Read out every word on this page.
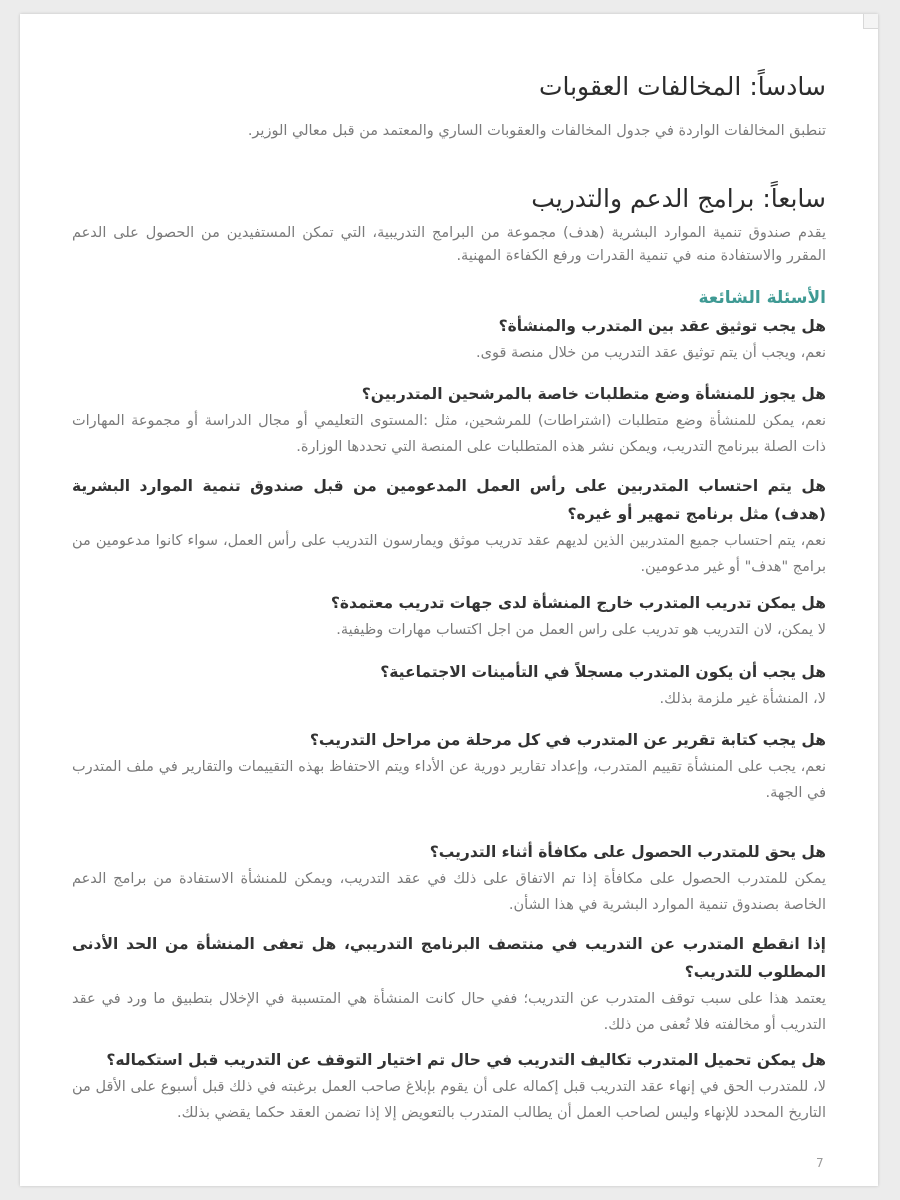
سادساً: المخالفات العقوبات

تنطبق المخالفات الواردة في جدول المخالفات والعقوبات الساري والمعتمد من قبل معالي الوزير.

سابعاً: برامج الدعم والتدريب

يقدم صندوق تنمية الموارد البشرية (هدف) مجموعة من البرامج التدريبية، التي تمكن المستفيدين من الحصول على الدعم المقرر والاستفادة منه في تنمية القدرات ورفع الكفاءة المهنية.

الأسئلة الشائعة

هل يجب توثيق عقد بين المتدرب والمنشأة؟

نعم، ويجب أن يتم توثيق عقد التدريب من خلال منصة قوى.

هل يجوز للمنشأة وضع متطلبات خاصة بالمرشحين المتدربين؟

نعم، يمكن للمنشأة وضع متطلبات (اشتراطات) للمرشحين، مثل :المستوى التعليمي أو مجال الدراسة أو مجموعة المهارات ذات الصلة ببرنامج التدريب، ويمكن نشر هذه المتطلبات على المنصة التي تحددها الوزارة.

هل يتم احتساب المتدربين على رأس العمل المدعومين من قبل صندوق تنمية الموارد البشرية (هدف) مثل برنامج تمهير أو غيره؟

نعم، يتم احتساب جميع المتدربين الذين لديهم عقد تدريب موثق ويمارسون التدريب على رأس العمل، سواء كانوا مدعومين من برامج "هدف" أو غير مدعومين.

هل يمكن تدريب المتدرب خارج المنشأة لدى جهات تدريب معتمدة؟

لا يمكن، لان التدريب هو تدريب على راس العمل من اجل اكتساب مهارات وظيفية.

هل يجب أن يكون المتدرب مسجلاً في التأمينات الاجتماعية؟

لا، المنشأة غير ملزمة بذلك.

هل يجب كتابة تقرير عن المتدرب في كل مرحلة من مراحل التدريب؟

نعم، يجب على المنشأة تقييم المتدرب، وإعداد تقارير دورية عن الأداء ويتم الاحتفاظ بهذه التقييمات والتقارير في ملف المتدرب في الجهة.

هل يحق للمتدرب الحصول على مكافأة أثناء التدريب؟

يمكن للمتدرب الحصول على مكافأة إذا تم الاتفاق على ذلك في عقد التدريب، ويمكن للمنشأة الاستفادة من برامج الدعم الخاصة بصندوق تنمية الموارد البشرية في هذا الشأن.

إذا انقطع المتدرب عن التدريب في منتصف البرنامج التدريبي، هل تعفى المنشأة من الحد الأدنى المطلوب للتدريب؟

يعتمد هذا على سبب توقف المتدرب عن التدريب؛ ففي حال كانت المنشأة هي المتسببة في الإخلال بتطبيق ما ورد في عقد التدريب أو مخالفته فلا تُعفى من ذلك.

هل يمكن تحميل المتدرب تكاليف التدريب في حال تم اختيار التوقف عن التدريب قبل استكماله؟

لا، للمتدرب الحق في إنهاء عقد التدريب قبل إكماله على أن يقوم بإبلاغ صاحب العمل برغبته في ذلك قبل أسبوع على الأقل من التاريخ المحدد للإنهاء وليس لصاحب العمل أن يطالب المتدرب بالتعويض إلا إذا تضمن العقد حكما يقضي بذلك.

7
